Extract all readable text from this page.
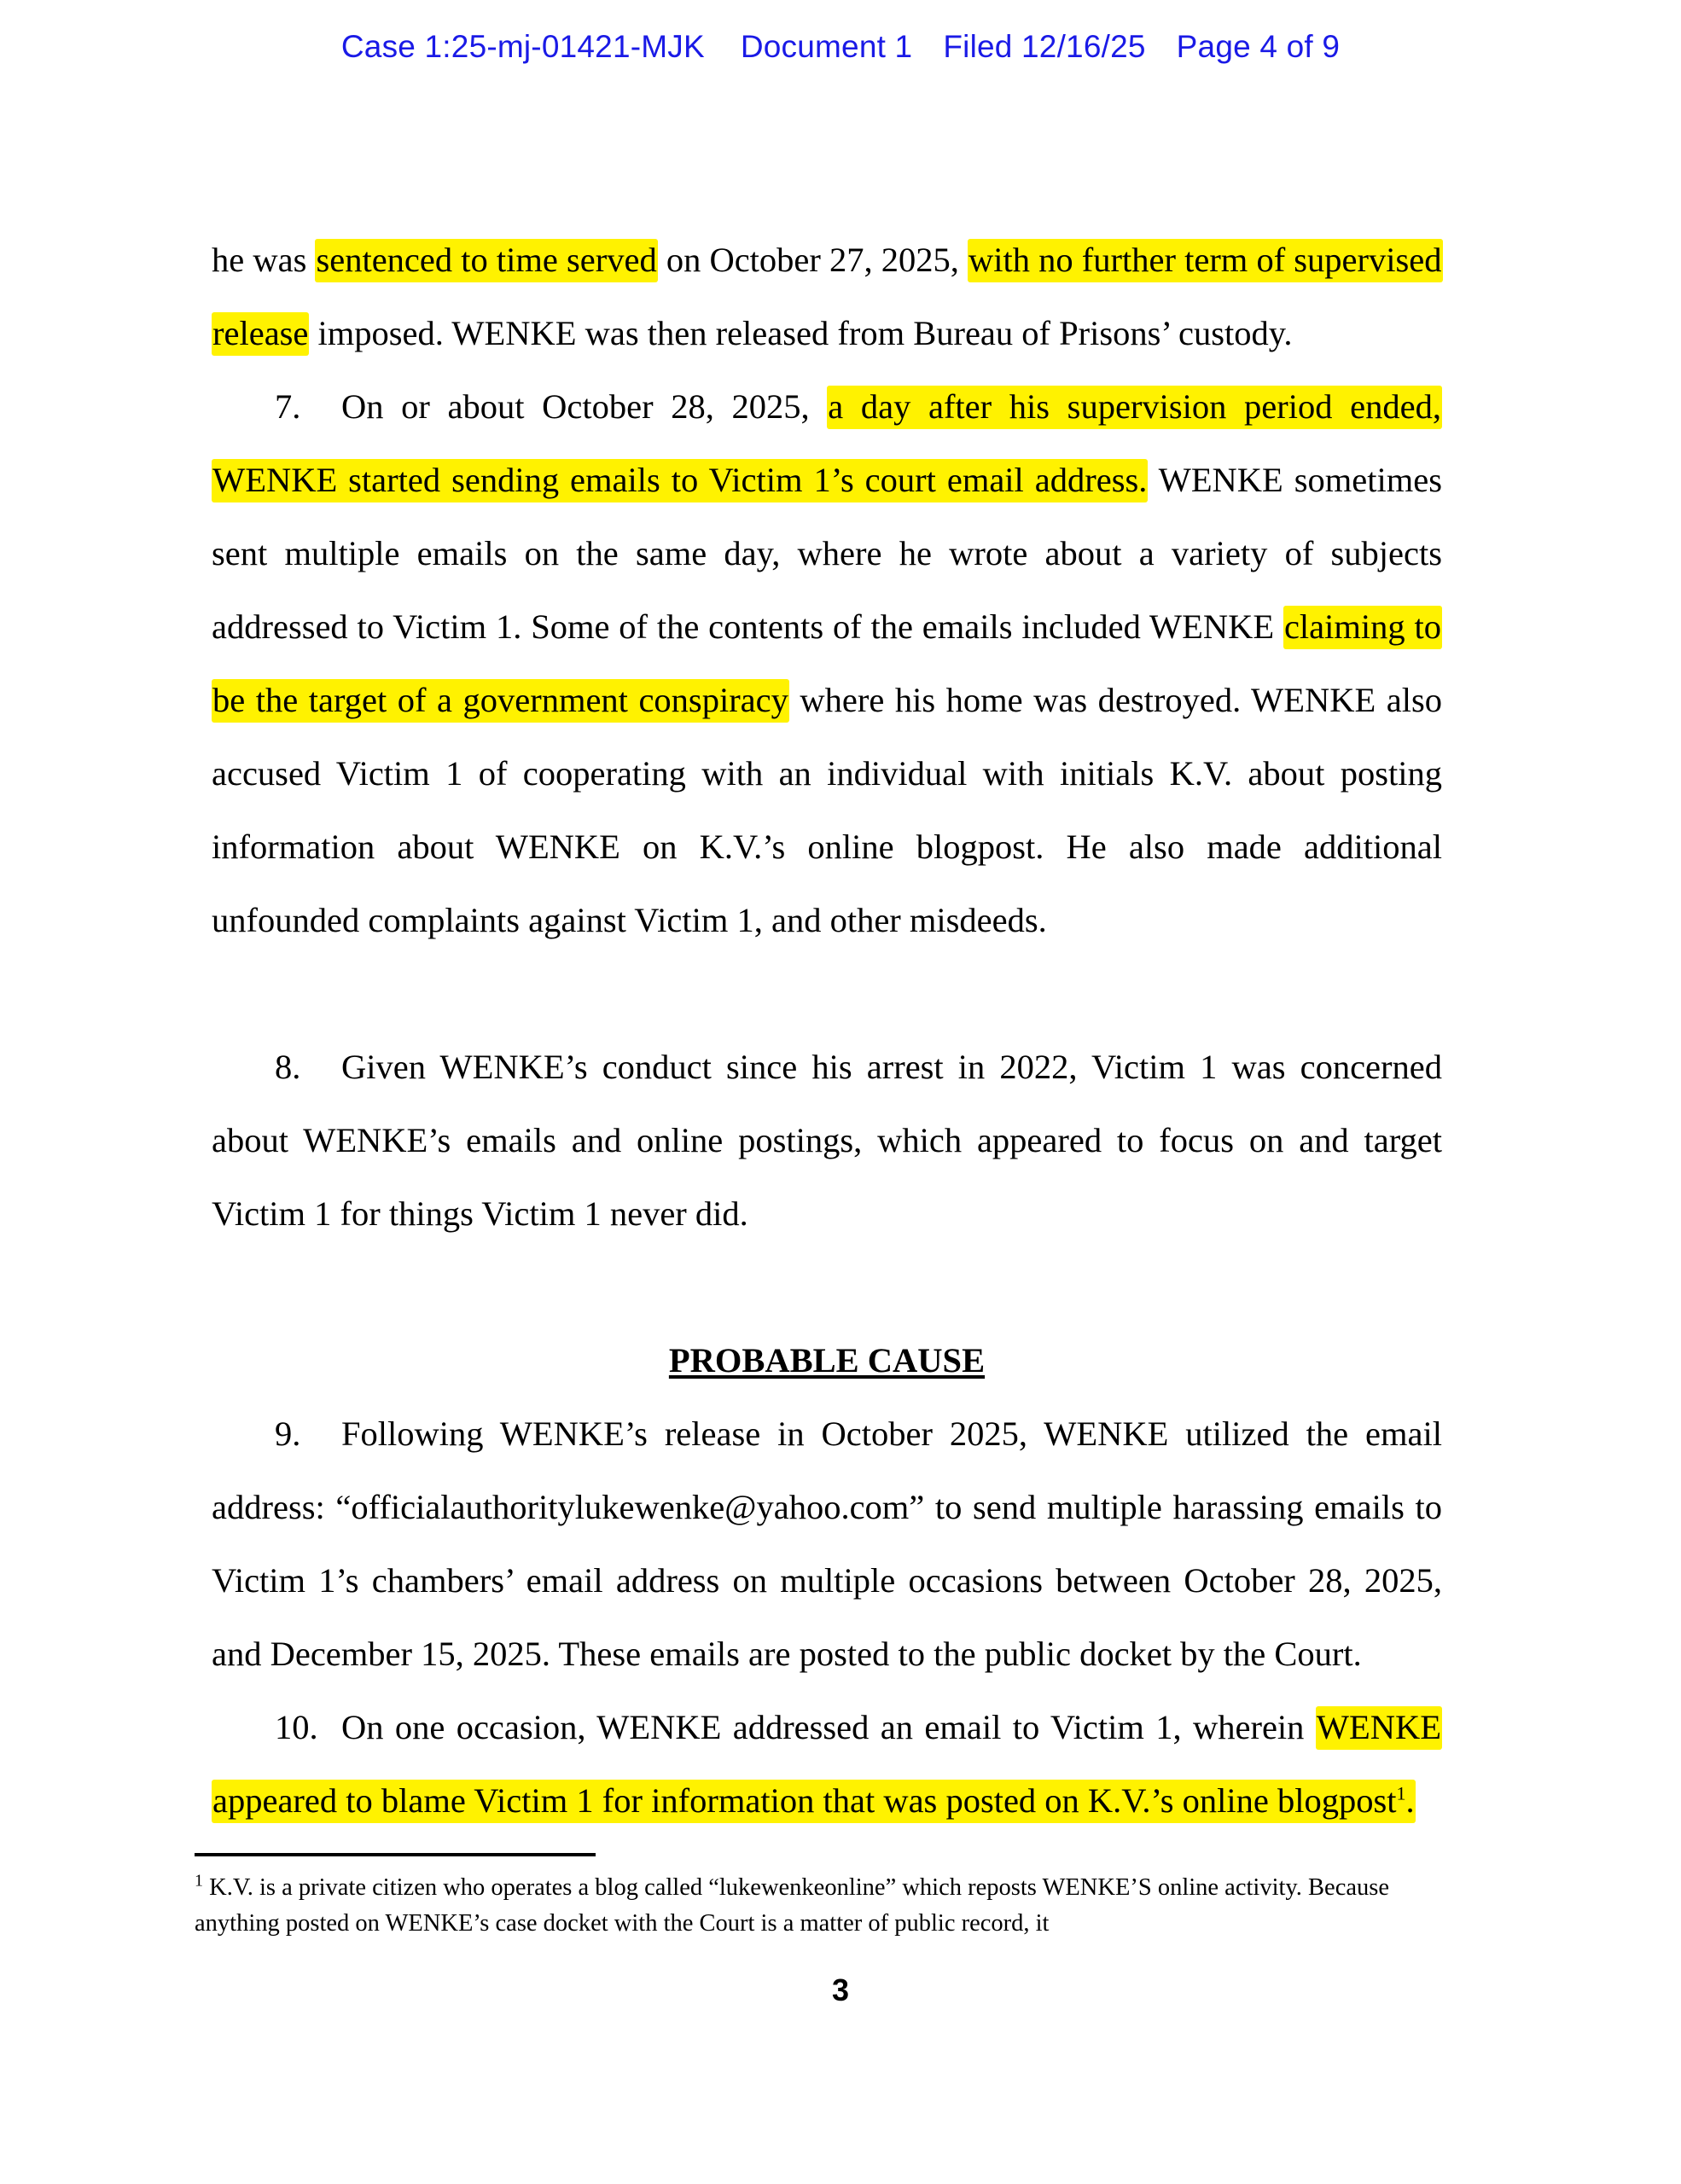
Case 1:25-mj-01421-MJK Document 1 Filed 12/16/25 Page 4 of 9

he was sentenced to time served on October 27, 2025, with no further term of supervised release imposed. WENKE was then released from Bureau of Prisons’ custody.

7. On or about October 28, 2025, a day after his supervision period ended, WENKE started sending emails to Victim 1’s court email address. WENKE sometimes sent multiple emails on the same day, where he wrote about a variety of subjects addressed to Victim 1. Some of the contents of the emails included WENKE claiming to be the target of a government conspiracy where his home was destroyed. WENKE also accused Victim 1 of cooperating with an individual with initials K.V. about posting information about WENKE on K.V.’s online blogpost. He also made additional unfounded complaints against Victim 1, and other misdeeds.

8. Given WENKE’s conduct since his arrest in 2022, Victim 1 was concerned about WENKE’s emails and online postings, which appeared to focus on and target Victim 1 for things Victim 1 never did.

PROBABLE CAUSE

9. Following WENKE’s release in October 2025, WENKE utilized the email address: “officialauthoritylukewenke@yahoo.com” to send multiple harassing emails to Victim 1’s chambers’ email address on multiple occasions between October 28, 2025, and December 15, 2025. These emails are posted to the public docket by the Court.

10. On one occasion, WENKE addressed an email to Victim 1, wherein WENKE appeared to blame Victim 1 for information that was posted on K.V.’s online blogpost$^1$.

$^1$ K.V. is a private citizen who operates a blog called “lukewenkeonline” which reposts WENKE’S online activity. Because anything posted on WENKE’s case docket with the Court is a matter of public record, it

3
